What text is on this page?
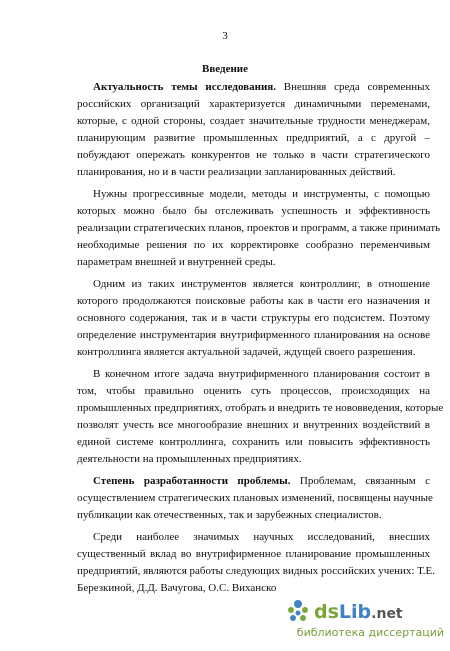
3
Введение
Актуальность темы исследования. Внешняя среда современных
российских организаций характеризуется динамичными переменами,
которые, с одной стороны, создает значительные трудности менеджерам,
планирующим развитие промышленных предприятий, а с другой –
побуждают опережать конкурентов не только в части стратегического
планирования, но и в части реализации запланированных действий.
Нужны прогрессивные модели, методы и инструменты, с помощью
которых можно было бы отслеживать успешность и эффективность
реализации стратегических планов, проектов и программ, а также принимать
необходимые решения по их корректировке сообразно переменчивым
параметрам внешней и внутренней среды.
Одним из таких инструментов является контроллинг, в отношение
которого продолжаются поисковые работы как в части его назначения и
основного содержания, так и в части структуры его подсистем. Поэтому
определение инструментария внутрифирменного планирования на основе
контроллинга является актуальной задачей, ждущей своего разрешения.
В конечном итоге задача внутрифирменного планирования состоит в
том, чтобы правильно оценить суть процессов, происходящих на
промышленных предприятиях, отобрать и внедрить те нововведения, которые
позволят учесть все многообразие внешних и внутренних воздействий в
единой системе контроллинга, сохранить или повысить эффективность
деятельности на промышленных предприятиях.
Степень разработанности проблемы. Проблемам, связанным с
осуществлением стратегических плановых изменений, посвящены научные
публикации как отечественных, так и зарубежных специалистов.
Среди наиболее значимых научных исследований, внесших
существенный вклад во внутрифирменное планирование промышленных
предприятий, являются работы следующих видных российских учених: Т.Е.
Березкиной, Д.Д. Вачугова, О.С. Виханско
dsLib.net
библиотека диссертаций
